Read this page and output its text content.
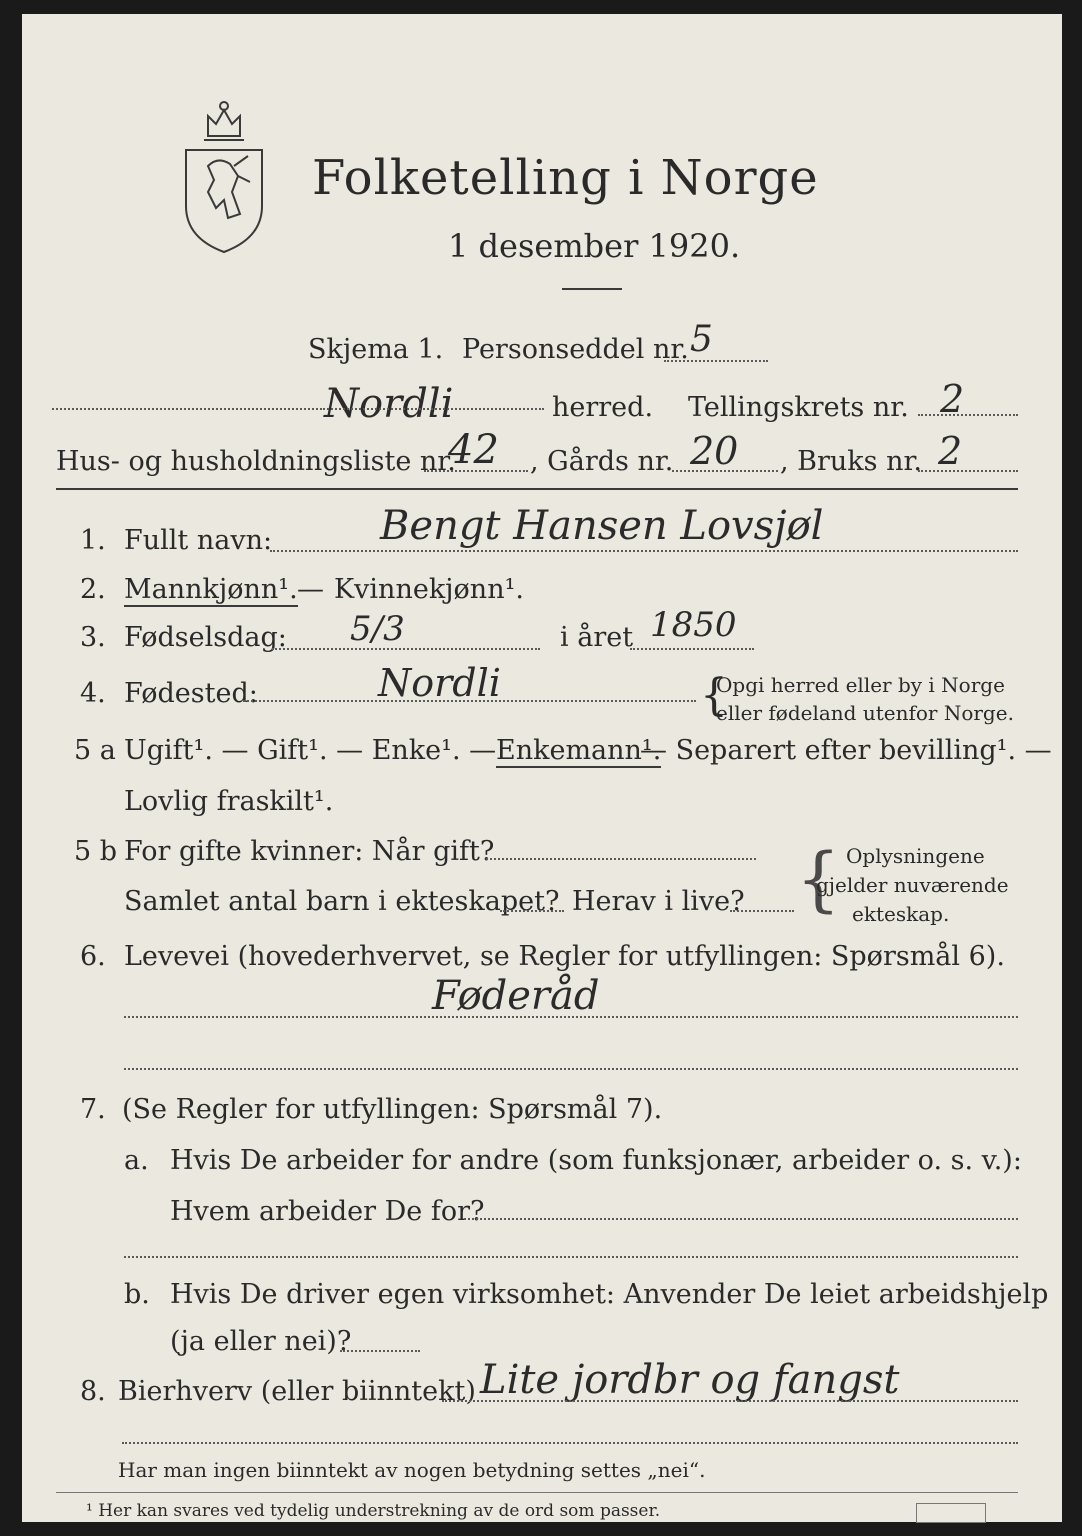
Folketelling i Norge
1 desember 1920.
Skjema 1. Personseddel nr. 5
Nordli	herred. Tellingskrets nr. 2
Hus- og husholdningsliste nr.
42 , Gårds nr. 20 , Bruks nr. 2
1. Fullt navn:	Bengt Hansen Lovsjøl
2. Mannkjønn¹. — Kvinnekjønn¹.
3. Fødselsdag: 5/3	i året 1850
4. Fødested:	Nordli	{
Opgi herred eller by i Norge
eller fødeland utenfor Norge.
5 a Ugift¹. — Gift¹. — Enke¹. — Enkemann¹.
— Separert efter bevilling¹. —
Lovlig fraskilt¹.
5 b For gifte kvinner: Når gift?
Samlet antal barn i ekteskapet? Herav i live? { Oplysningene
gjelder nuværende
ekteskap.
6. Levevei (hovederhvervet, se Regler for utfyllingen: Spørsmål 6).
Føderåd
7. (Se Regler for utfyllingen: Spørsmål 7).
a. Hvis De arbeider for andre (som funksjonær, arbeider o. s. v.):
Hvem arbeider De for?
b. Hvis De driver egen virksomhet: Anvender De leiet arbeidshjelp
(ja eller nei)?
8. Bierhverv (eller biinntekt) Lite jordbr og fangst
Har man ingen biinntekt av nogen betydning settes „nei“.
¹ Her kan svares ved tydelig understrekning av de ord som passer.
